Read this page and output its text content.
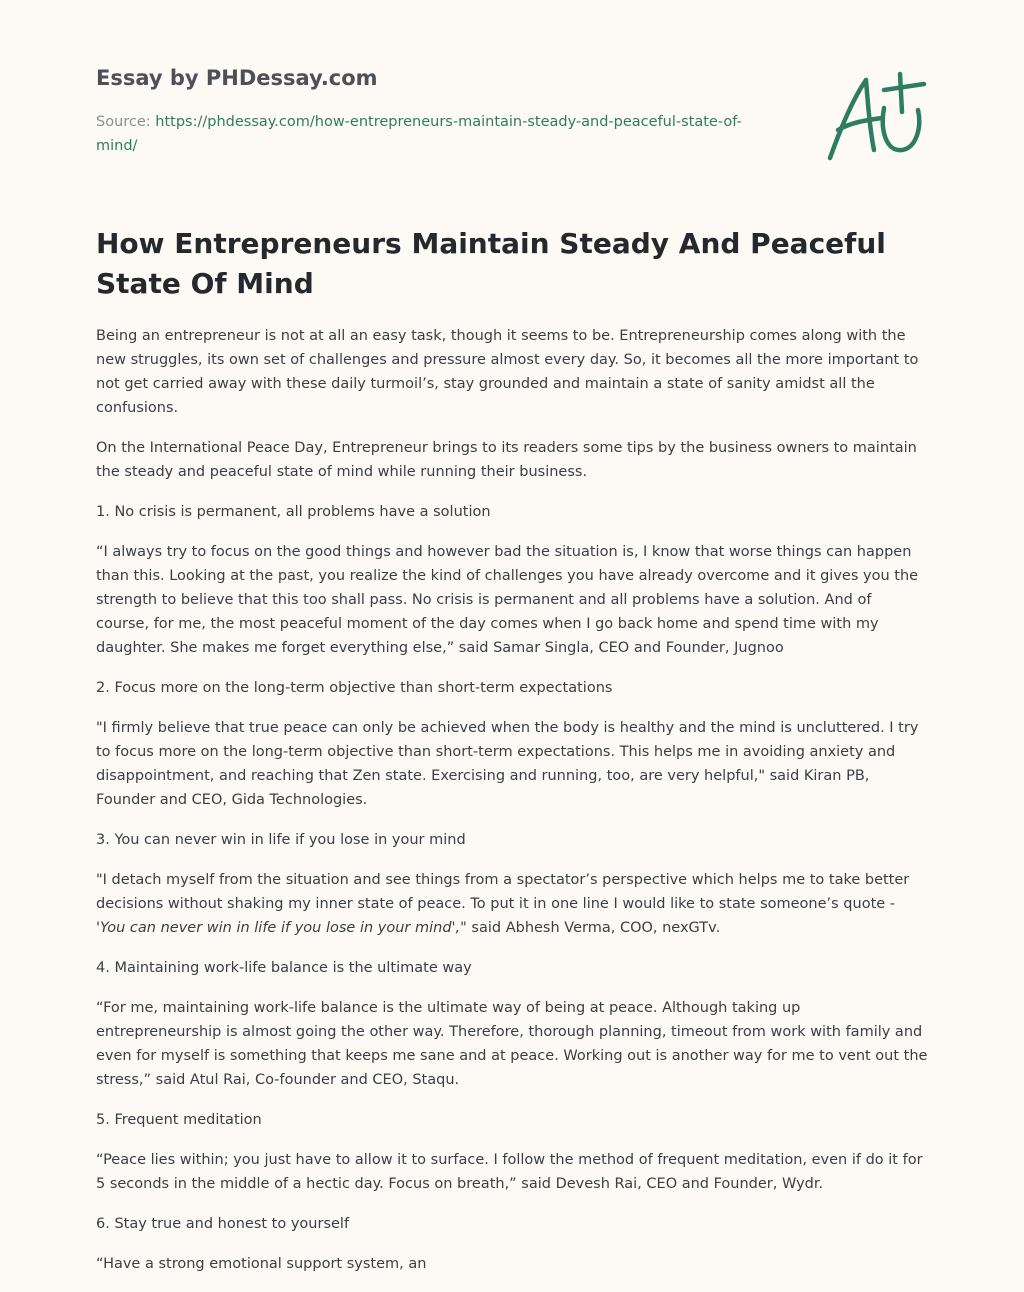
Essay by PHDessay.com
Source: https://phdessay.com/how-entrepreneurs-maintain-steady-and-peaceful-state-of-mind/
How Entrepreneurs Maintain Steady And Peaceful State Of Mind

Being an entrepreneur is not at all an easy task, though it seems to be. Entrepreneurship comes along with the new struggles, its own set of challenges and pressure almost every day. So, it becomes all the more important to not get carried away with these daily turmoil’s, stay grounded and maintain a state of sanity amidst all the confusions.

On the International Peace Day, Entrepreneur brings to its readers some tips by the business owners to maintain the steady and peaceful state of mind while running their business.

1. No crisis is permanent, all problems have a solution

“I always try to focus on the good things and however bad the situation is, I know that worse things can happen than this. Looking at the past, you realize the kind of challenges you have already overcome and it gives you the strength to believe that this too shall pass. No crisis is permanent and all problems have a solution. And of course, for me, the most peaceful moment of the day comes when I go back home and spend time with my daughter. She makes me forget everything else,” said Samar Singla, CEO and Founder, Jugnoo

2. Focus more on the long-term objective than short-term expectations

"I firmly believe that true peace can only be achieved when the body is healthy and the mind is uncluttered. I try to focus more on the long-term objective than short-term expectations. This helps me in avoiding anxiety and disappointment, and reaching that Zen state. Exercising and running, too, are very helpful," said Kiran PB, Founder and CEO, Gida Technologies.

3. You can never win in life if you lose in your mind

"I detach myself from the situation and see things from a spectator’s perspective which helps me to take better decisions without shaking my inner state of peace. To put it in one line I would like to state someone’s quote - 'You can never win in life if you lose in your mind'," said Abhesh Verma, COO, nexGTv.

4. Maintaining work-life balance is the ultimate way

“For me, maintaining work-life balance is the ultimate way of being at peace. Although taking up entrepreneurship is almost going the other way. Therefore, thorough planning, timeout from work with family and even for myself is something that keeps me sane and at peace. Working out is another way for me to vent out the stress,” said Atul Rai, Co-founder and CEO, Staqu.

5. Frequent meditation

“Peace lies within; you just have to allow it to surface. I follow the method of frequent meditation, even if do it for 5 seconds in the middle of a hectic day. Focus on breath,” said Devesh Rai, CEO and Founder, Wydr.

6. Stay true and honest to yourself

“Have a strong emotional support system, an
